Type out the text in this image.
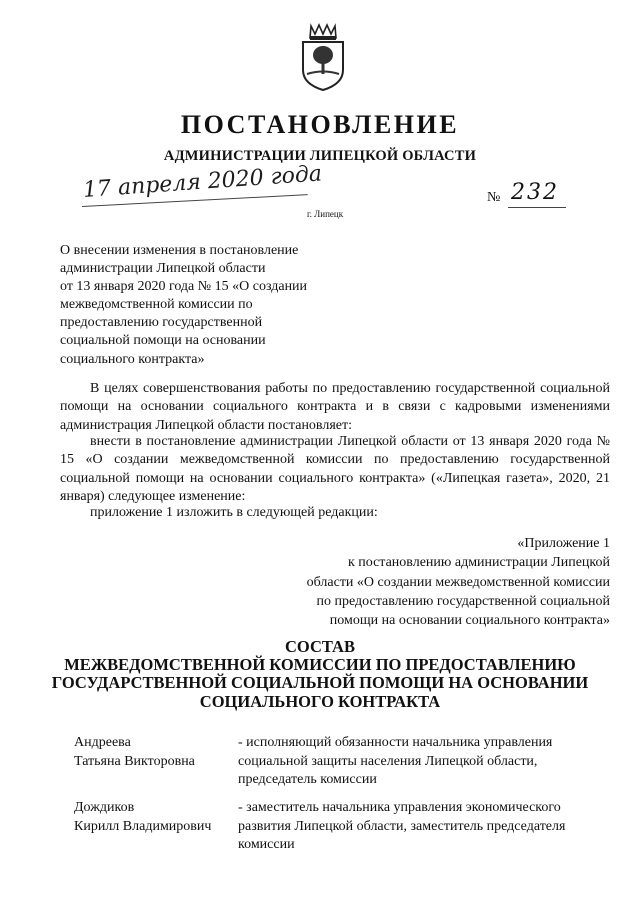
ПОСТАНОВЛЕНИЕ
АДМИНИСТРАЦИИ ЛИПЕЦКОЙ ОБЛАСТИ
17 апреля 2020 года
г. Липецк
№ 232
О внесении изменения в постановление
администрации Липецкой области
от 13 января 2020 года № 15 «О создании
межведомственной комиссии по
предоставлению государственной
социальной помощи на основании
социального контракта»
В целях совершенствования работы по предоставлению государственной социальной помощи на основании социального контракта и в связи с кадровыми изменениями администрация Липецкой области постановляет:
внести в постановление администрации Липецкой области от 13 января 2020 года № 15 «О создании межведомственной комиссии по предоставлению государственной социальной помощи на основании социального контракта» («Липецкая газета», 2020, 21 января) следующее изменение:
приложение 1 изложить в следующей редакции:
«Приложение 1
к постановлению администрации Липецкой
области «О создании межведомственной комиссии
по предоставлению государственной социальной
помощи на основании социального контракта»
СОСТАВ
МЕЖВЕДОМСТВЕННОЙ КОМИССИИ ПО ПРЕДОСТАВЛЕНИЮ
ГОСУДАРСТВЕННОЙ СОЦИАЛЬНОЙ ПОМОЩИ НА ОСНОВАНИИ
СОЦИАЛЬНОГО КОНТРАКТА
Андреева
Татьяна Викторовна
- исполняющий обязанности начальника управления
социальной защиты населения Липецкой области,
председатель комиссии
Дождиков
Кирилл Владимирович
- заместитель начальника управления экономического
развития Липецкой области, заместитель председателя
комиссии
